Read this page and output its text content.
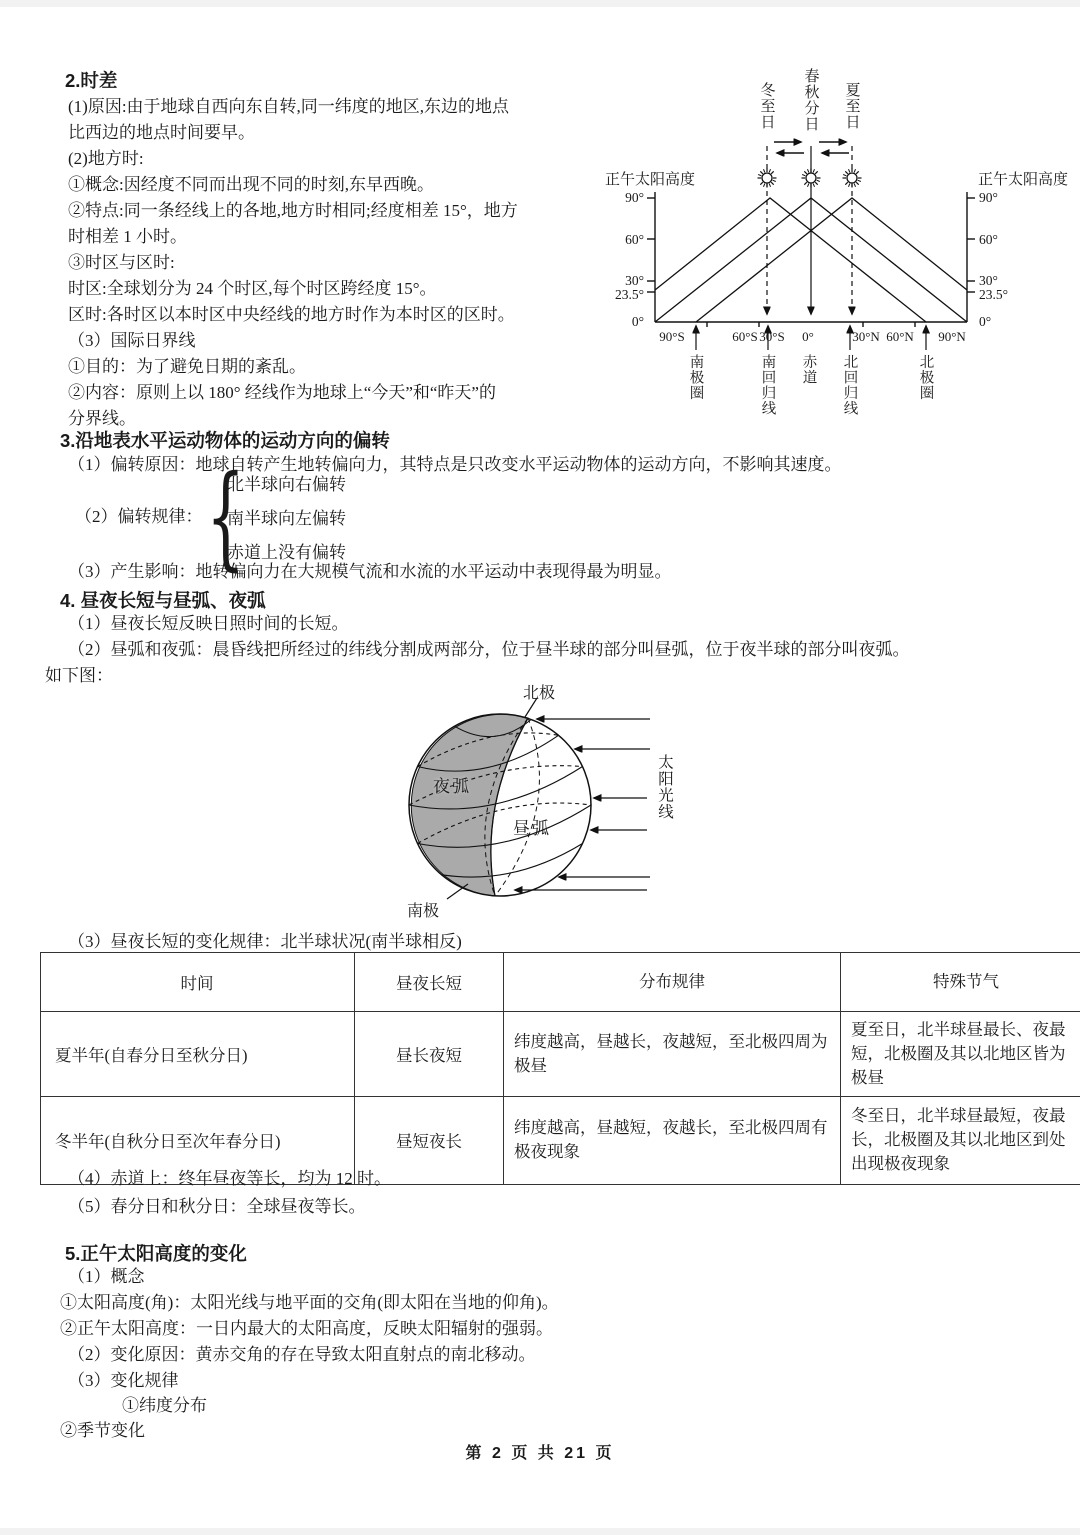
2.时差
(1)原因:由于地球自西向东自转,同一纬度的地区,东边的地点
比西边的地点时间要早。
(2)地方时:
①概念:因经度不同而出现不同的时刻,东早西晚。
②特点:同一条经线上的各地,地方时相同;经度相差 15°，地方
时相差 1 小时。
③时区与区时:
时区:全球划分为 24 个时区,每个时区跨经度 15°。
区时:各时区以本时区中央经线的地方时作为本时区的区时。
（3）国际日界线
①目的：为了避免日期的紊乱。
②内容：原则上以 180° 经线作为地球上“今天”和“昨天”的
分界线。
90°
60°
30°
23.5°
0°
90°
60°
30°
23.5°
0°
90°S	60°S 30°S 0°	30°N 60°N 90°N
正午太阳高度	正午太阳高度
冬至日 春秋分日 夏至日
南极圈	南回归线 赤道 北回归线	北极圈
3.沿地表水平运动物体的运动方向的偏转
（1）偏转原因：地球自转产生地转偏向力，其特点是只改变水平运动物体的运动方向，不影响其速度。
（2）偏转规律： {
北半球向右偏转
南半球向左偏转
赤道上没有偏转
（3）产生影响：地转偏向力在大规模气流和水流的水平运动中表现得最为明显。
4. 昼夜长短与昼弧、夜弧
（1）昼夜长短反映日照时间的长短。
（2）昼弧和夜弧：晨昏线把所经过的纬线分割成两部分，位于昼半球的部分叫昼弧，位于夜半球的部分叫夜弧。
如下图：
北极
南极
夜弧
昼弧
太阳光线
（3）昼夜长短的变化规律：北半球状况(南半球相反)
时间	昼夜长短	分布规律	特殊节气
夏半年(自春分日至秋分日)	昼长夜短	纬度越高，昼越长，夜越短，至北极四周为极昼	夏至日，北半球昼最长、夜最短，北极圈及其以北地区皆为极昼
冬半年(自秋分日至次年春分日)	昼短夜长	纬度越高，昼越短，夜越长，至北极四周有极夜现象	冬至日，北半球昼最短，夜最长，北极圈及其以北地区到处出现极夜现象
（4）赤道上：终年昼夜等长，均为 12 时。
（5）春分日和秋分日：全球昼夜等长。
5.正午太阳高度的变化
（1）概念
①太阳高度(角)：太阳光线与地平面的交角(即太阳在当地的仰角)。
②正午太阳高度：一日内最大的太阳高度，反映太阳辐射的强弱。
（2）变化原因：黄赤交角的存在导致太阳直射点的南北移动。
（3）变化规律
①纬度分布
②季节变化
第 2 页 共 21 页
